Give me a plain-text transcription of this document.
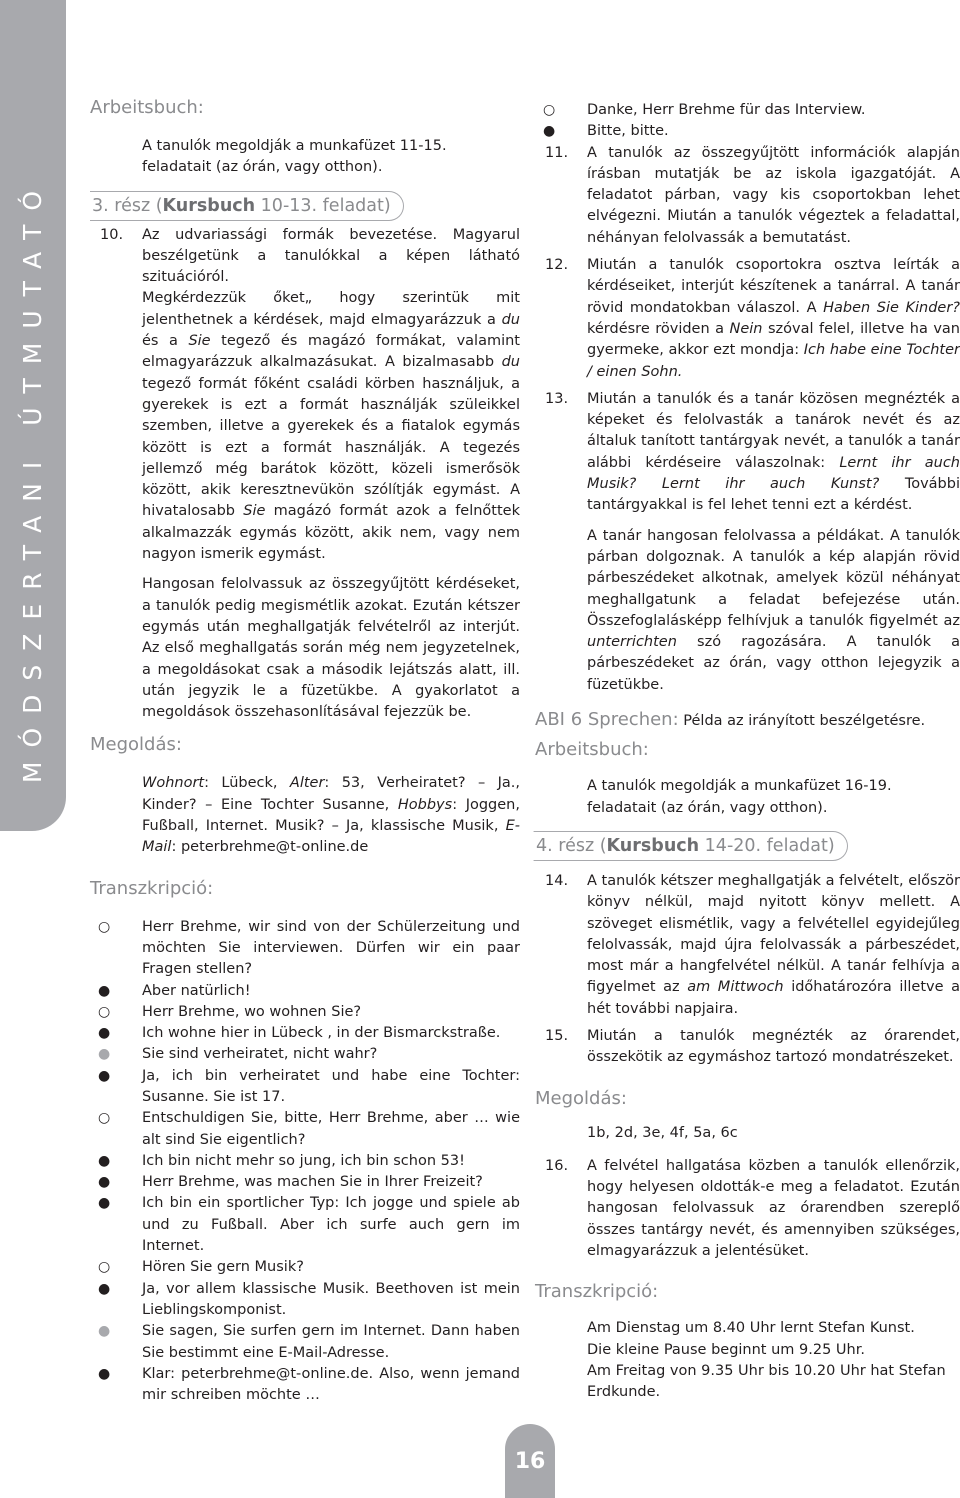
MÓDSZERTANI ÚTMUTATÓ
Arbeitsbuch:
A tanulók megoldják a munkafüzet 11-15. feladatait (az órán, vagy otthon).
3. rész (Kursbuch 10-13. feladat)
10.	Az udvariassági formák bevezetése. Magyarul beszélgetünk a tanulókkal a képen látható szituációról.
Megkérdezzük őket„ hogy szerintük mit jelenthetnek a kérdések, majd elmagyarázzuk a du és a Sie tegező és magázó formákat, valamint elmagyarázzuk alkalmazásukat. A bizalmasabb du tegező formát főként családi körben használjuk, a gyerekek is ezt a formát használják szüleikkel szemben, illetve a gyerekek és a fiatalok egymás között is ezt a formát használják. A tegezés jellemző még barátok között, közeli ismerősök között, akik keresztnevükön szólítják egymást. A hivatalosabb Sie magázó formát azok a felnőttek alkalmazzák egymás között, akik nem, vagy nem nagyon ismerik egymást.
Hangosan felolvassuk az összegyűjtött kérdéseket, a tanulók pedig megismétlik azokat. Ezután kétszer egymás után meghallgatják felvételről az interjút. Az első meghallgatás során még nem jegyzetelnek, a megoldásokat csak a második lejátszás alatt, ill. után jegyzik le a füzetükbe. A gyakorlatot a megoldások összehasonlításával fejezzük be.
Megoldás:
Wohnort: Lübeck, Alter: 53, Verheiratet? – Ja., Kinder? – Eine Tochter Susanne, Hobbys: Joggen, Fußball, Internet. Musik? – Ja, klassische Musik, E-Mail: peterbrehme@t-online.de
Transzkripció:
○	Herr Brehme, wir sind von der Schülerzeitung und möchten Sie interviewen. Dürfen wir ein paar Fragen stellen?
●	Aber natürlich!
○	Herr Brehme, wo wohnen Sie?
●	Ich wohne hier in Lübeck , in der Bismarckstraße.
●	Sie sind verheiratet, nicht wahr?
●	Ja, ich bin verheiratet und habe eine Tochter: Susanne. Sie ist 17.
○	Entschuldigen Sie, bitte, Herr Brehme, aber … wie alt sind Sie eigentlich?
●	Ich bin nicht mehr so jung, ich bin schon 53!
●	Herr Brehme, was machen Sie in Ihrer Freizeit?
●	Ich bin ein sportlicher Typ: Ich jogge und spiele ab und zu Fußball. Aber ich surfe auch gern im Internet.
○	Hören Sie gern Musik?
●	Ja, vor allem klassische Musik. Beethoven ist mein Lieblingskomponist.
●	Sie sagen, Sie surfen gern im Internet. Dann haben Sie bestimmt eine E-Mail-Adresse.
●	Klar: peterbrehme@t-online.de. Also, wenn jemand mir schreiben möchte …
○	Danke, Herr Brehme für das Interview.
●	Bitte, bitte.
11.	A tanulók az összegyűjtött információk alapján írásban mutatják be az iskola igazgatóját. A feladatot párban, vagy kis csoportokban lehet elvégezni. Miután a tanulók végeztek a feladattal, néhányan felolvassák a bemutatást.
12.	Miután a tanulók csoportokra osztva leírták a kérdéseiket, interjút készítenek a tanárral. A tanár rövid mondatokban válaszol. A Haben Sie Kinder? kérdésre röviden a Nein szóval felel, illetve ha van gyermeke, akkor ezt mondja: Ich habe eine Tochter / einen Sohn.
13.	Miután a tanulók és a tanár közösen megnézték a képeket és felolvasták a tanárok nevét és az általuk tanított tantárgyak nevét, a tanulók a tanár alábbi kérdéseire válaszolnak: Lernt ihr auch Musik? Lernt ihr auch Kunst? További tantárgyakkal is fel lehet tenni ezt a kérdést.
A tanár hangosan felolvassa a példákat. A tanulók párban dolgoznak. A tanulók a kép alapján rövid párbeszédeket alkotnak, amelyek közül néhányat meghallgatunk a feladat befejezése után. Összefoglalásképp felhívjuk a tanulók figyelmét az unterrichten szó ragozására. A tanulók a párbeszédeket az órán, vagy otthon lejegyzik a füzetükbe.
ABI 6 Sprechen: Példa az irányított beszélgetésre.
Arbeitsbuch:
A tanulók megoldják a munkafüzet 16-19. feladatait (az órán, vagy otthon).
4. rész (Kursbuch 14-20. feladat)
14.	A tanulók kétszer meghallgatják a felvételt, először könyv nélkül, majd nyitott könyv mellett. A szöveget elismétlik, vagy a felvétellel egyidejűleg felolvassák, majd újra felolvassák a párbeszédet, most már a hangfelvétel nélkül. A tanár felhívja a figyelmet az am Mittwoch időhatározóra illetve a hét további napjaira.
15.	Miután a tanulók megnézték az órarendet, összekötik az egymáshoz tartozó mondatrészeket.
Megoldás:
1b, 2d, 3e, 4f, 5a, 6c
16.	A felvétel hallgatása közben a tanulók ellenőrzik, hogy helyesen oldották-e meg a feladatot. Ezután hangosan felolvassuk az órarendben szereplő összes tantárgy nevét, és amennyiben szükséges, elmagyarázzuk a jelentésüket.
Transzkripció:
Am Dienstag um 8.40 Uhr lernt Stefan Kunst.
Die kleine Pause beginnt um 9.25 Uhr.
Am Freitag von 9.35 Uhr bis 10.20 Uhr hat Stefan Erdkunde.
16
